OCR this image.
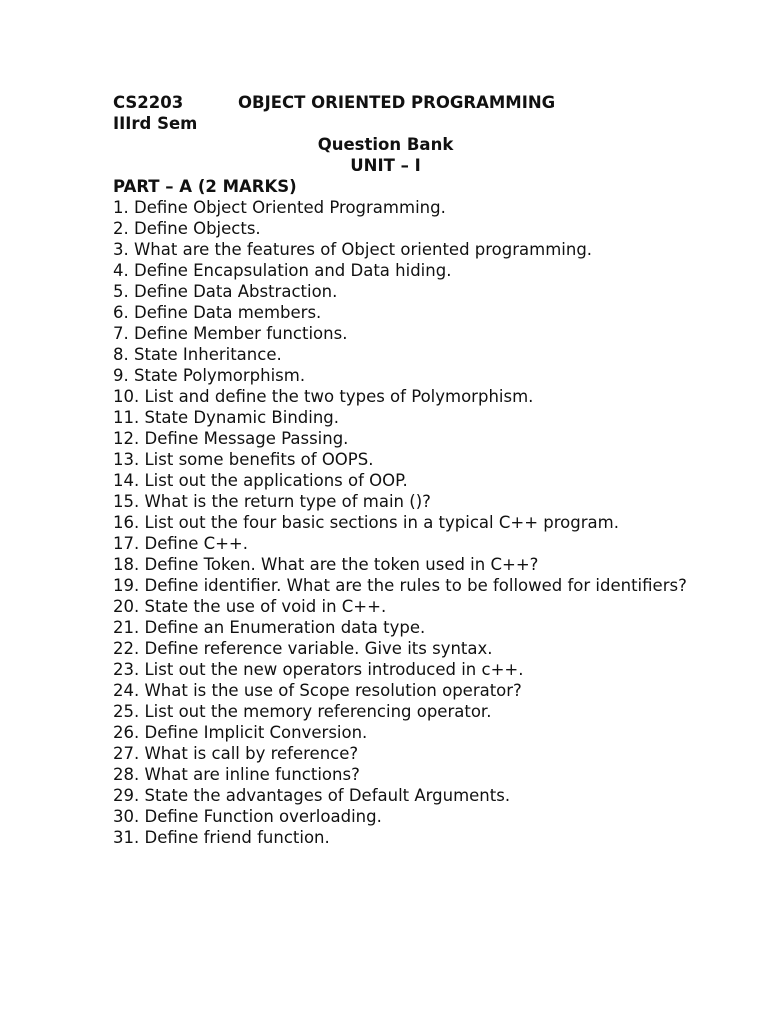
CS2203	OBJECT ORIENTED PROGRAMMING
IIIrd Sem
Question Bank
UNIT – I
PART – A (2 MARKS)
1. Define Object Oriented Programming.
2. Define Objects.
3. What are the features of Object oriented programming.
4. Define Encapsulation and Data hiding.
5. Define Data Abstraction.
6. Define Data members.
7. Define Member functions.
8. State Inheritance.
9. State Polymorphism.
10. List and define the two types of Polymorphism.
11. State Dynamic Binding.
12. Define Message Passing.
13. List some benefits of OOPS.
14. List out the applications of OOP.
15. What is the return type of main ()?
16. List out the four basic sections in a typical C++ program.
17. Define C++.
18. Define Token. What are the token used in C++?
19. Define identifier. What are the rules to be followed for identifiers?
20. State the use of void in C++.
21. Define an Enumeration data type.
22. Define reference variable. Give its syntax.
23. List out the new operators introduced in c++.
24. What is the use of Scope resolution operator?
25. List out the memory referencing operator.
26. Define Implicit Conversion.
27. What is call by reference?
28. What are inline functions?
29. State the advantages of Default Arguments.
30. Define Function overloading.
31. Define friend function.
